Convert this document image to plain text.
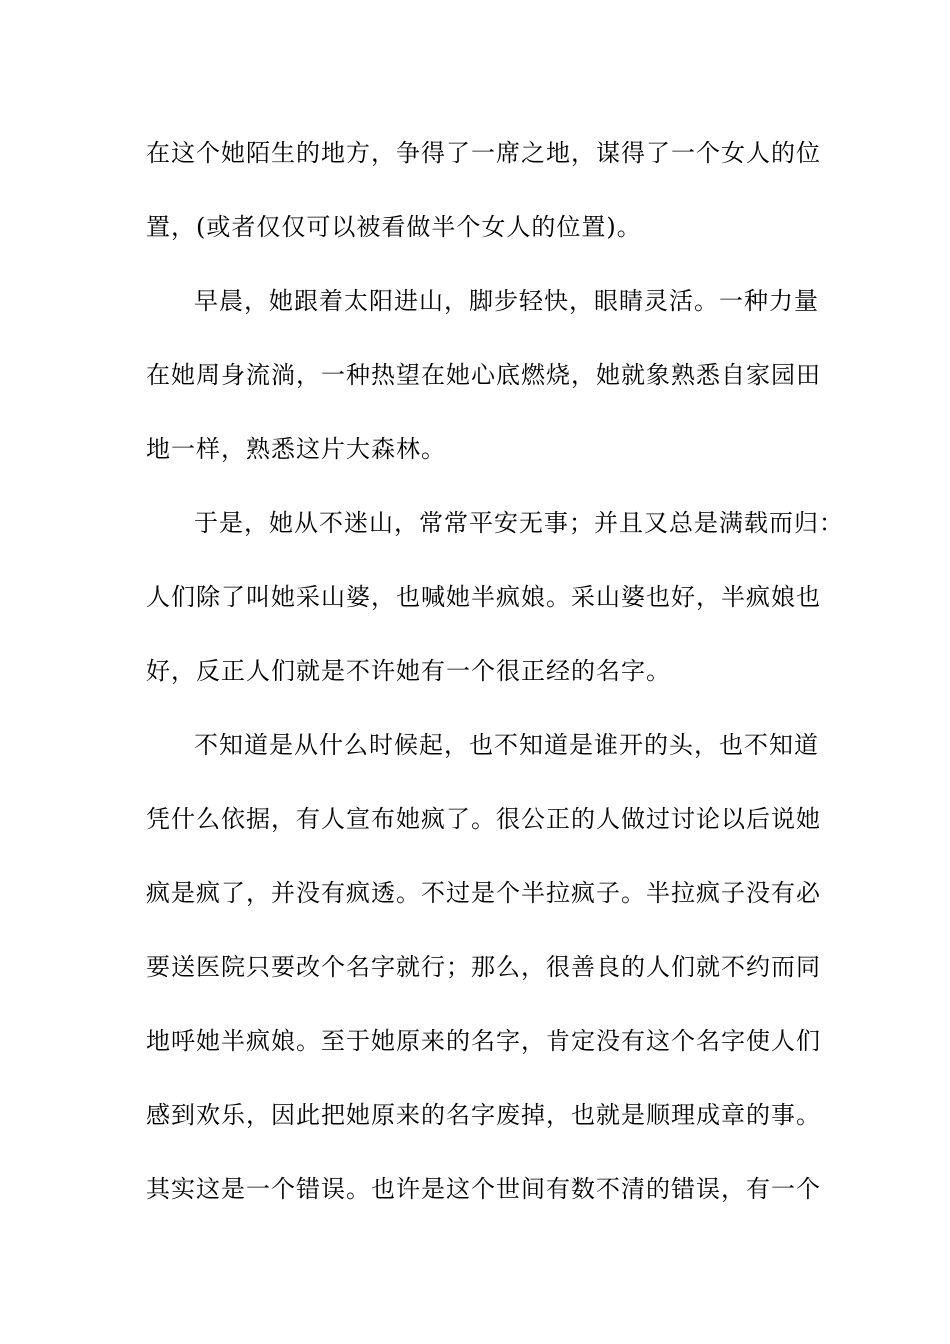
在这个她陌生的地方，争得了一席之地，谋得了一个女人的位
置，(或者仅仅可以被看做半个女人的位置)。
早晨，她跟着太阳进山，脚步轻快，眼睛灵活。一种力量
在她周身流淌，一种热望在她心底燃烧，她就象熟悉自家园田
地一样，熟悉这片大森林。
于是，她从不迷山，常常平安无事；并且又总是满载而归：
人们除了叫她采山婆，也喊她半疯娘。采山婆也好，半疯娘也
好，反正人们就是不许她有一个很正经的名字。
不知道是从什么时候起，也不知道是谁开的头，也不知道
凭什么依据，有人宣布她疯了。很公正的人做过讨论以后说她
疯是疯了，并没有疯透。不过是个半拉疯子。半拉疯子没有必
要送医院只要改个名字就行；那么，很善良的人们就不约而同
地呼她半疯娘。至于她原来的名字，肯定没有这个名字使人们
感到欢乐，因此把她原来的名字废掉，也就是顺理成章的事。
其实这是一个错误。也许是这个世间有数不清的错误，有一个
